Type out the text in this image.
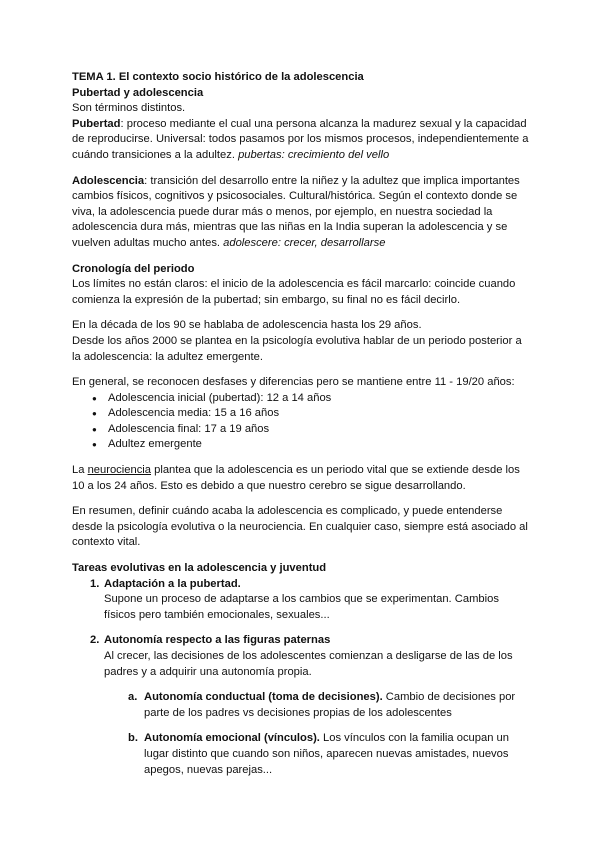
TEMA 1. El contexto socio histórico de la adolescencia

Pubertad y adolescencia

Son términos distintos.

Pubertad: proceso mediante el cual una persona alcanza la madurez sexual y la capacidad de reproducirse. Universal: todos pasamos por los mismos procesos, independientemente a cuándo transiciones a la adultez. pubertas: crecimiento del vello

Adolescencia: transición del desarrollo entre la niñez y la adultez que implica importantes cambios físicos, cognitivos y psicosociales. Cultural/histórica. Según el contexto donde se viva, la adolescencia puede durar más o menos, por ejemplo, en nuestra sociedad la adolescencia dura más, mientras que las niñas en la India superan la adolescencia y se vuelven adultas mucho antes. adolescere: crecer, desarrollarse

Cronología del periodo

Los límites no están claros: el inicio de la adolescencia es fácil marcarlo: coincide cuando comienza la expresión de la pubertad; sin embargo, su final no es fácil decirlo.

En la década de los 90 se hablaba de adolescencia hasta los 29 años.

Desde los años 2000 se plantea en la psicología evolutiva hablar de un periodo posterior a la adolescencia: la adultez emergente.

En general, se reconocen desfases y diferencias pero se mantiene entre 11 - 19/20 años:

● Adolescencia inicial (pubertad): 12 a 14 años
● Adolescencia media: 15 a 16 años
● Adolescencia final: 17 a 19 años
● Adultez emergente

La neurociencia plantea que la adolescencia es un periodo vital que se extiende desde los 10 a los 24 años. Esto es debido a que nuestro cerebro se sigue desarrollando.

En resumen, definir cuándo acaba la adolescencia es complicado, y puede entenderse desde la psicología evolutiva o la neurociencia. En cualquier caso, siempre está asociado al contexto vital.

Tareas evolutivas en la adolescencia y juventud

1. Adaptación a la pubertad.

Supone un proceso de adaptarse a los cambios que se experimentan. Cambios físicos pero también emocionales, sexuales...

2. Autonomía respecto a las figuras paternas

Al crecer, las decisiones de los adolescentes comienzan a desligarse de las de los padres y a adquirir una autonomía propia.

a. Autonomía conductual (toma de decisiones). Cambio de decisiones por parte de los padres vs decisiones propias de los adolescentes

b. Autonomía emocional (vínculos). Los vínculos con la familia ocupan un lugar distinto que cuando son niños, aparecen nuevas amistades, nuevos apegos, nuevas parejas...
